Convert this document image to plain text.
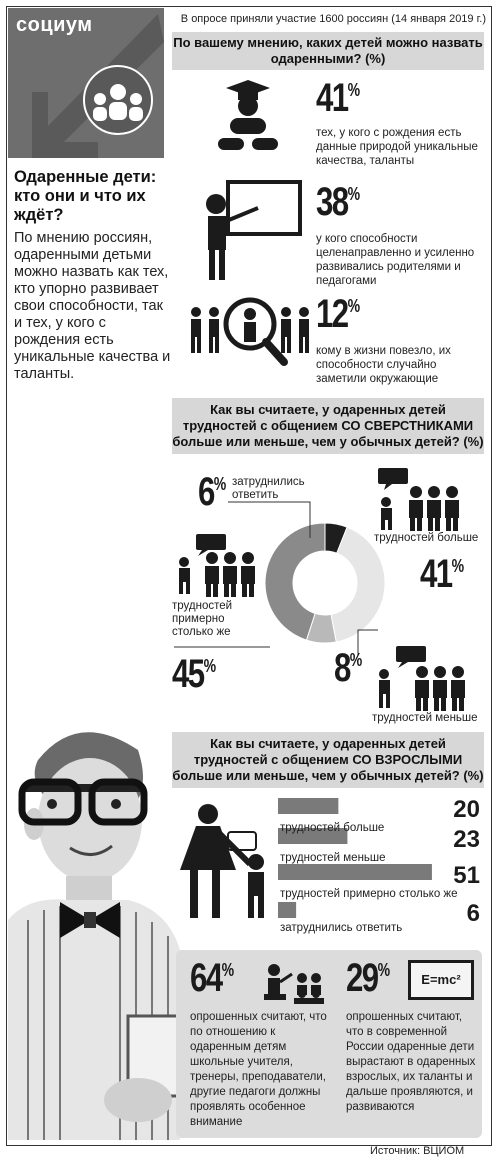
социум	В опросе приняли участие 1600 россиян (14 января 2019 г.)
Одаренные дети: кто они и что их ждёт?
По мнению россиян, одаренными детьми можно назвать как тех, кто упорно развивает свои способности, так и тех, у кого с рождения есть уникальные качества и таланты.
По вашему мнению, каких детей можно назвать одаренными? (%)
41%
тех, у кого с рождения есть данные природой уникальные качества, таланты
38%
у кого способности целенаправленно и усиленно развивались родителями и педагогами
12%
кому в жизни повезло, их способности случайно заметили окружающие
Как вы считаете, у одаренных детей трудностей с общением СО СВЕРСТНИКАМИ больше или меньше, чем у обычных детей? (%)
6% затруднились ответить
трудностей больше
41%
трудностей примерно столько же
45%	8%
трудностей меньше
Как вы считаете, у одаренных детей трудностей с общением СО ВЗРОСЛЫМИ больше или меньше, чем у обычных детей? (%)
20
23
51
6
трудностей больше
трудностей меньше
трудностей примерно столько же
затруднились ответить
64%
опрошенных считают, что по отношению к одаренным детям школьные учителя, тренеры, преподаватели, другие педагоги должны проявлять особенное внимание
29%	E=mc²
опрошенных считают, что в современной России одаренные дети вырастают в одаренных взрослых, их таланты и дальше проявляются, и развиваются
Источник: ВЦИОМ
